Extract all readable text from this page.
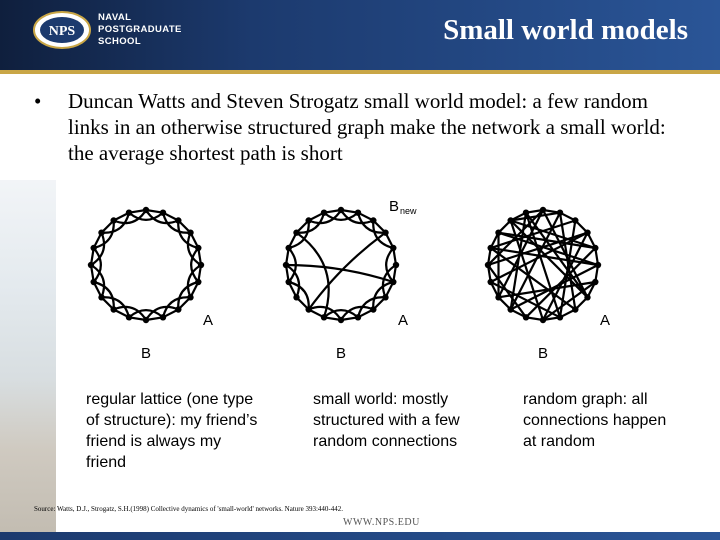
NPS
NAVAL
POSTGRADUATE
SCHOOL	Small world models
• Duncan Watts and Steven Strogatz small world model: a few random links in an otherwise structured graph make the network a small world: the average shortest path is short
A
B
A
B
B new
A
B
regular lattice (one type of structure): my friend’s friend is always my friend
small world: mostly structured with a few random connections
random graph: all connections happen at random
Source: Watts, D.J., Strogatz, S.H.(1998) Collective dynamics of 'small-world' networks. Nature 393:440-442.
WWW.NPS.EDU
